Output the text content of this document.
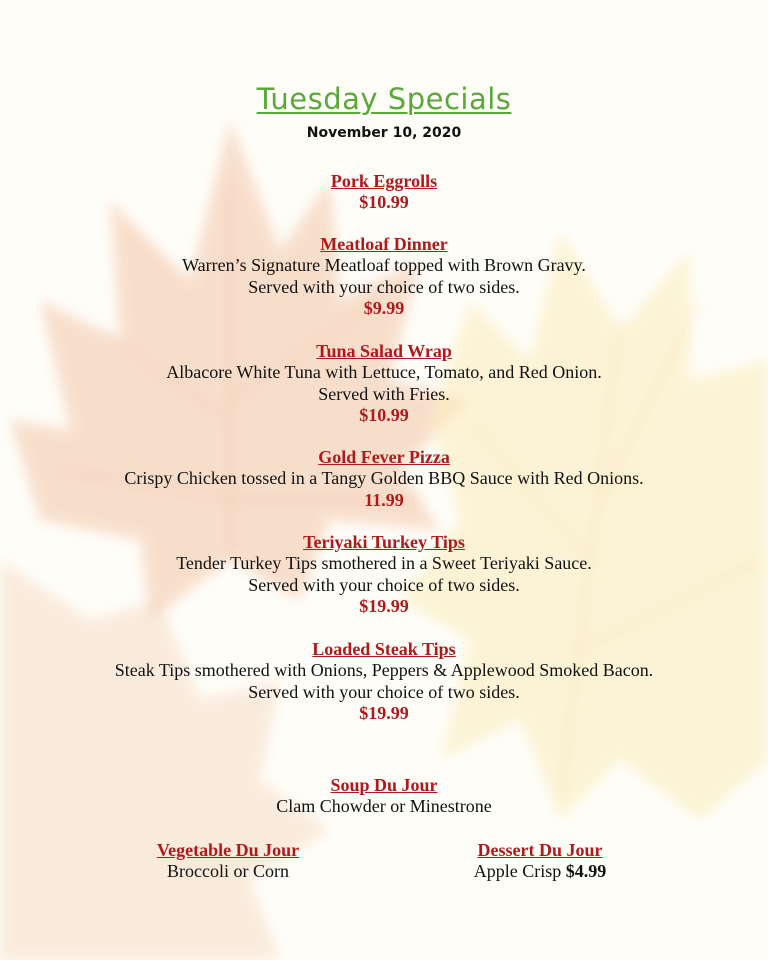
Tuesday Specials
November 10, 2020
Pork Eggrolls
$10.99
Meatloaf Dinner
Warren’s Signature Meatloaf topped with Brown Gravy.
Served with your choice of two sides.
$9.99
Tuna Salad Wrap
Albacore White Tuna with Lettuce, Tomato, and Red Onion.
Served with Fries.
$10.99
Gold Fever Pizza
Crispy Chicken tossed in a Tangy Golden BBQ Sauce with Red Onions.
11.99
Teriyaki Turkey Tips
Tender Turkey Tips smothered in a Sweet Teriyaki Sauce.
Served with your choice of two sides.
$19.99
Loaded Steak Tips
Steak Tips smothered with Onions, Peppers & Applewood Smoked Bacon.
Served with your choice of two sides.
$19.99
Soup Du Jour
Clam Chowder or Minestrone
Vegetable Du Jour
Broccoli or Corn
Dessert Du Jour
Apple Crisp $4.99
